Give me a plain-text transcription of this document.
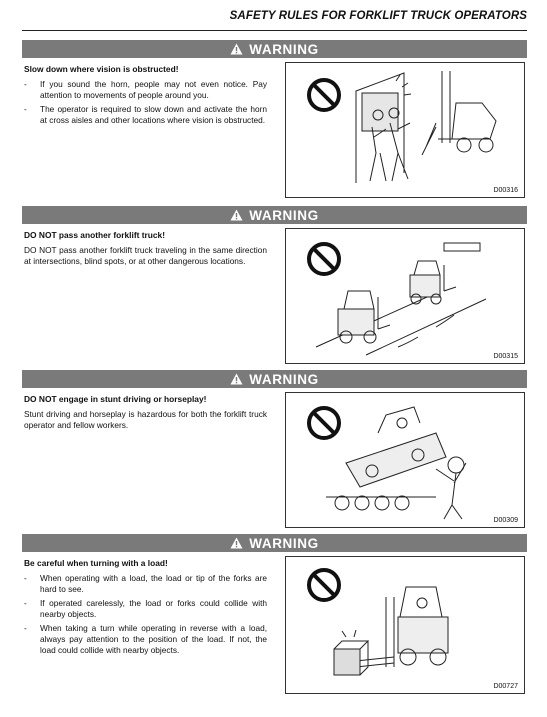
SAFETY RULES FOR FORKLIFT TRUCK OPERATORS
WARNING
Slow down where vision is obstructed!
- If you sound the horn, people may not even notice. Pay attention to movements of people around you.
- The operator is required to slow down and activate the horn at cross aisles and other locations where vision is obstructed.
D00316
WARNING
DO NOT pass another forklift truck!

DO NOT pass another forklift truck traveling in the same direction at intersections, blind spots, or at other dangerous locations.

D00315
WARNING
DO NOT engage in stunt driving or horseplay!

Stunt driving and horseplay is hazardous for both the forklift truck operator and fellow workers.

D00309
WARNING
Be careful when turning with a load!
- When operating with a load, the load or tip of the forks are hard to see.
- If operated carelessly, the load or forks could collide with nearby objects.
- When taking a turn while operating in reverse with a load, always pay attention to the position of the load. If not, the load could collide with nearby objects.
D00727
